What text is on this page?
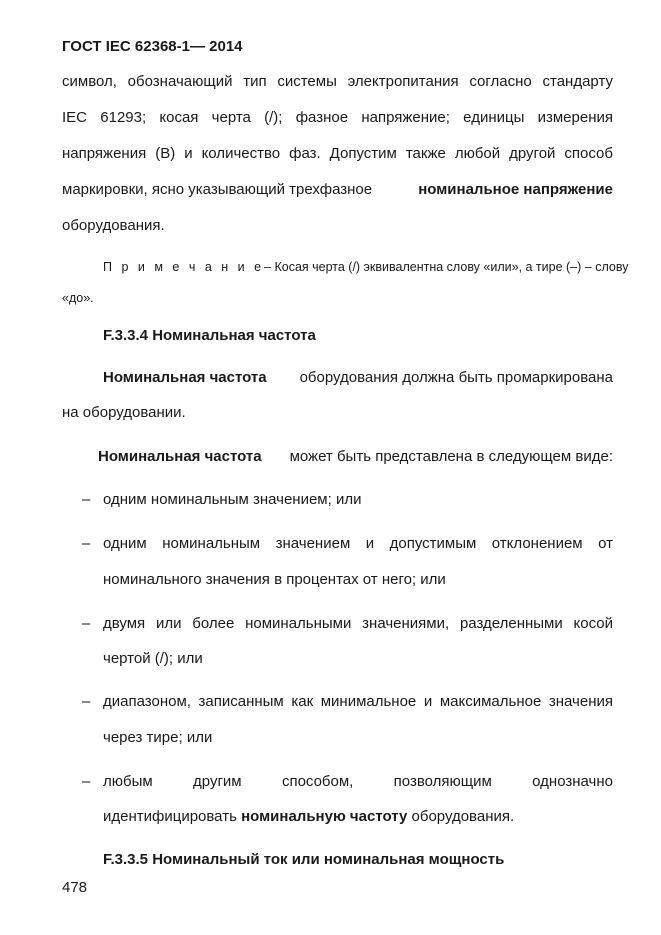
ГОСТ IEC 62368-1— 2014
символ, обозначающий тип системы электропитания согласно стандарту
IEC 61293; косая черта (/); фазное напряжение; единицы измерения
напряжения (В) и количество фаз. Допустим также любой другой способ
маркировки, ясно указывающий трехфазное	номинальное напряжение
оборудования.
П р и м е ч а н и е – Косая черта (/) эквивалентна слову «или», а тире (–) – слову
«до».
F.3.3.4 Номинальная частота
Номинальная частота оборудования должна быть промаркирована
на оборудовании.
Номинальная частота может быть представлена в следующем виде:
– одним номинальным значением; или
– одним номинальным значением и допустимым отклонением от
номинального значения в процентах от него; или
– двумя или более номинальными значениями, разделенными косой
чертой (/); или
– диапазоном, записанным как минимальное и максимальное значения
через тире; или
– любым другим способом, позволяющим однозначно
идентифицировать номинальную частоту оборудования.
F.3.3.5 Номинальный ток или номинальная мощность
478
